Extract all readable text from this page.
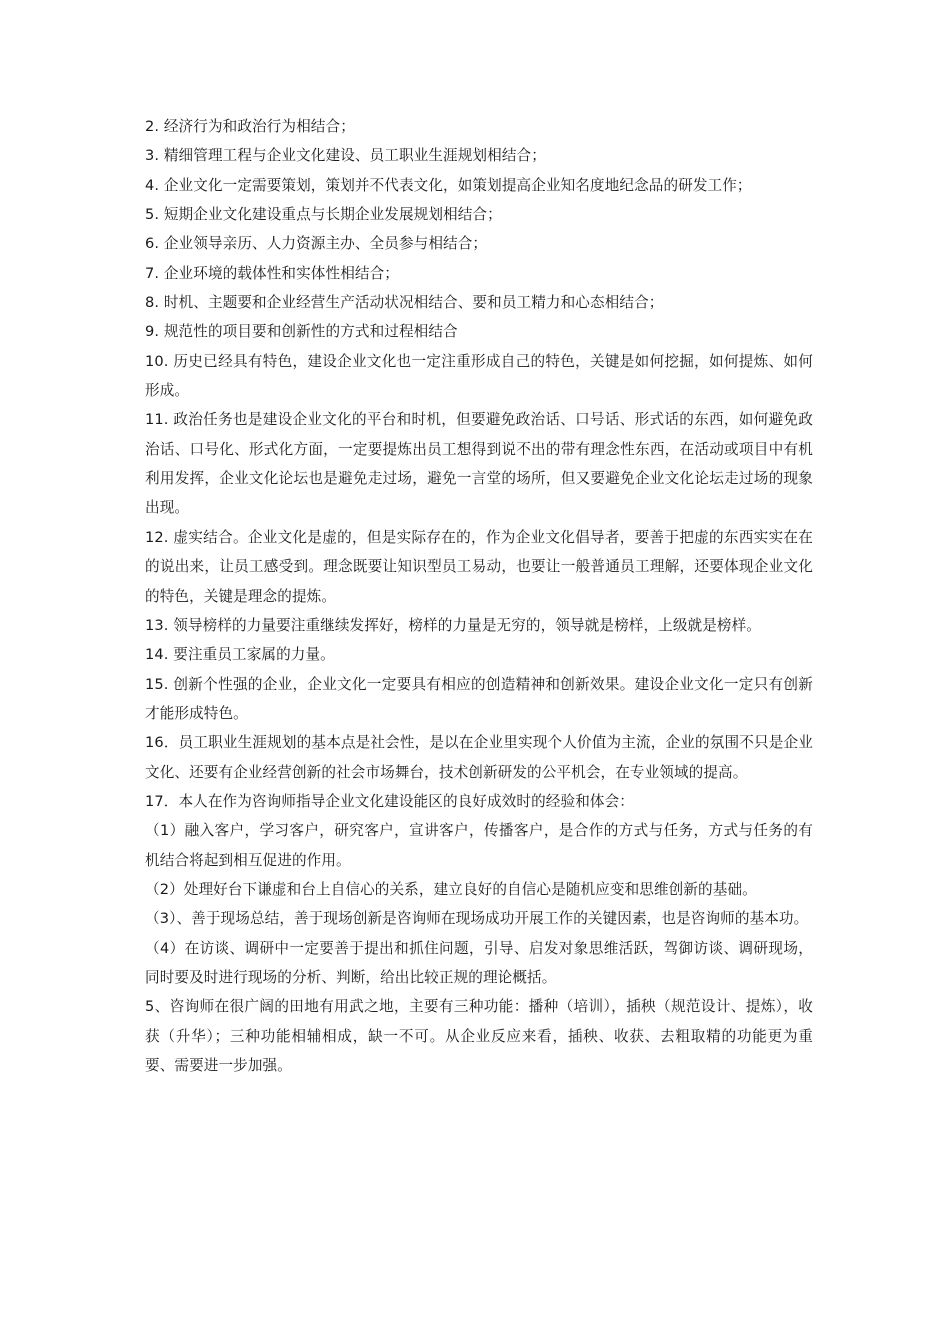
2. 经济行为和政治行为相结合；

3. 精细管理工程与企业文化建设、员工职业生涯规划相结合；

4. 企业文化一定需要策划，策划并不代表文化，如策划提高企业知名度地纪念品的研发工作；

5. 短期企业文化建设重点与长期企业发展规划相结合；

6. 企业领导亲历、人力资源主办、全员参与相结合；

7. 企业环境的载体性和实体性相结合；

8. 时机、主题要和企业经营生产活动状况相结合、要和员工精力和心态相结合；

9. 规范性的项目要和创新性的方式和过程相结合

10. 历史已经具有特色，建设企业文化也一定注重形成自己的特色，关键是如何挖掘，如何提炼、如何形成。

11. 政治任务也是建设企业文化的平台和时机，但要避免政治话、口号话、形式话的东西，如何避免政治话、口号化、形式化方面，一定要提炼出员工想得到说不出的带有理念性东西，在活动或项目中有机利用发挥，企业文化论坛也是避免走过场，避免一言堂的场所，但又要避免企业文化论坛走过场的现象出现。

12. 虚实结合。企业文化是虚的，但是实际存在的，作为企业文化倡导者，要善于把虚的东西实实在在的说出来，让员工感受到。理念既要让知识型员工易动，也要让一般普通员工理解，还要体现企业文化的特色，关键是理念的提炼。

13. 领导榜样的力量要注重继续发挥好，榜样的力量是无穷的，领导就是榜样，上级就是榜样。

14. 要注重员工家属的力量。

15. 创新个性强的企业，企业文化一定要具有相应的创造精神和创新效果。建设企业文化一定只有创新才能形成特色。

16．员工职业生涯规划的基本点是社会性，是以在企业里实现个人价值为主流，企业的氛围不只是企业文化、还要有企业经营创新的社会市场舞台，技术创新研发的公平机会，在专业领域的提高。

17．本人在作为咨询师指导企业文化建设能区的良好成效时的经验和体会：

（1）融入客户，学习客户，研究客户，宣讲客户，传播客户，是合作的方式与任务，方式与任务的有机结合将起到相互促进的作用。

（2）处理好台下谦虚和台上自信心的关系，建立良好的自信心是随机应变和思维创新的基础。

（3）、善于现场总结，善于现场创新是咨询师在现场成功开展工作的关键因素，也是咨询师的基本功。

（4）在访谈、调研中一定要善于提出和抓住问题，引导、启发对象思维活跃，驾御访谈、调研现场，同时要及时进行现场的分析、判断，给出比较正规的理论概括。

5、咨询师在很广阔的田地有用武之地，主要有三种功能：播种（培训），插秧（规范设计、提炼），收获（升华）；三种功能相辅相成，缺一不可。从企业反应来看，插秧、收获、去粗取精的功能更为重要、需要进一步加强。
